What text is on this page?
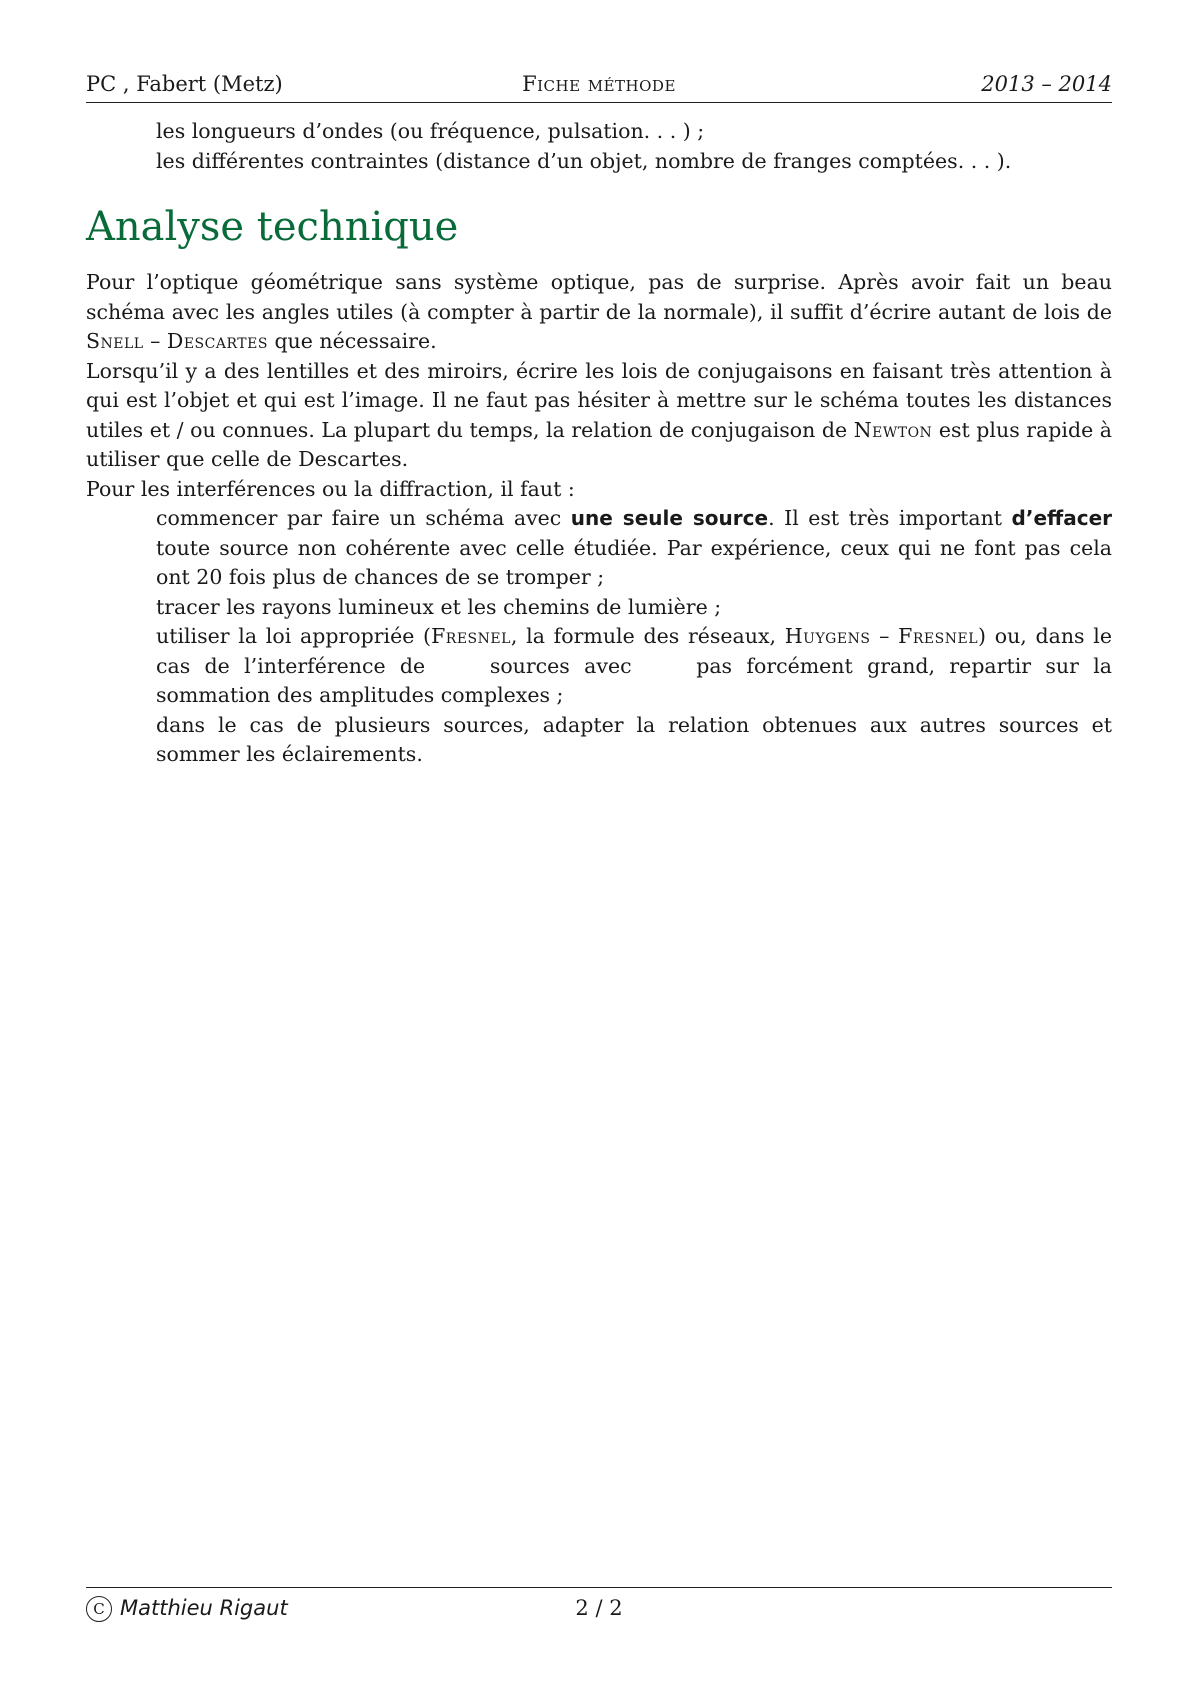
PC , Fabert (Metz)	Fiche méthode	2013 – 2014
les longueurs d’ondes (ou fréquence, pulsation. . . ) ;
les différentes contraintes (distance d’un objet, nombre de franges comptées. . . ).
Analyse technique
Pour l’optique géométrique sans système optique, pas de surprise. Après avoir fait un beau schéma avec les angles utiles (à compter à partir de la normale), il suffit d’écrire autant de lois de Snell – Descartes que nécessaire.
Lorsqu’il y a des lentilles et des miroirs, écrire les lois de conjugaisons en faisant très attention à qui est l’objet et qui est l’image. Il ne faut pas hésiter à mettre sur le schéma toutes les distances utiles et / ou connues. La plupart du temps, la relation de conjugaison de Newton est plus rapide à utiliser que celle de Descartes.
Pour les interférences ou la diffraction, il faut :
commencer par faire un schéma avec une seule source. Il est très important d’effacer toute source non cohérente avec celle étudiée. Par expérience, ceux qui ne font pas cela ont 20 fois plus de chances de se tromper ;
tracer les rayons lumineux et les chemins de lumière ;
utiliser la loi appropriée (Fresnel, la formule des réseaux, Huygens – Fresnel) ou, dans le cas de l’interférence de  sources avec  pas forcément grand, repartir sur la sommation des amplitudes complexes ;
dans le cas de plusieurs sources, adapter la relation obtenues aux autres sources et sommer les éclairements.
C Matthieu Rigaut	2 / 2
